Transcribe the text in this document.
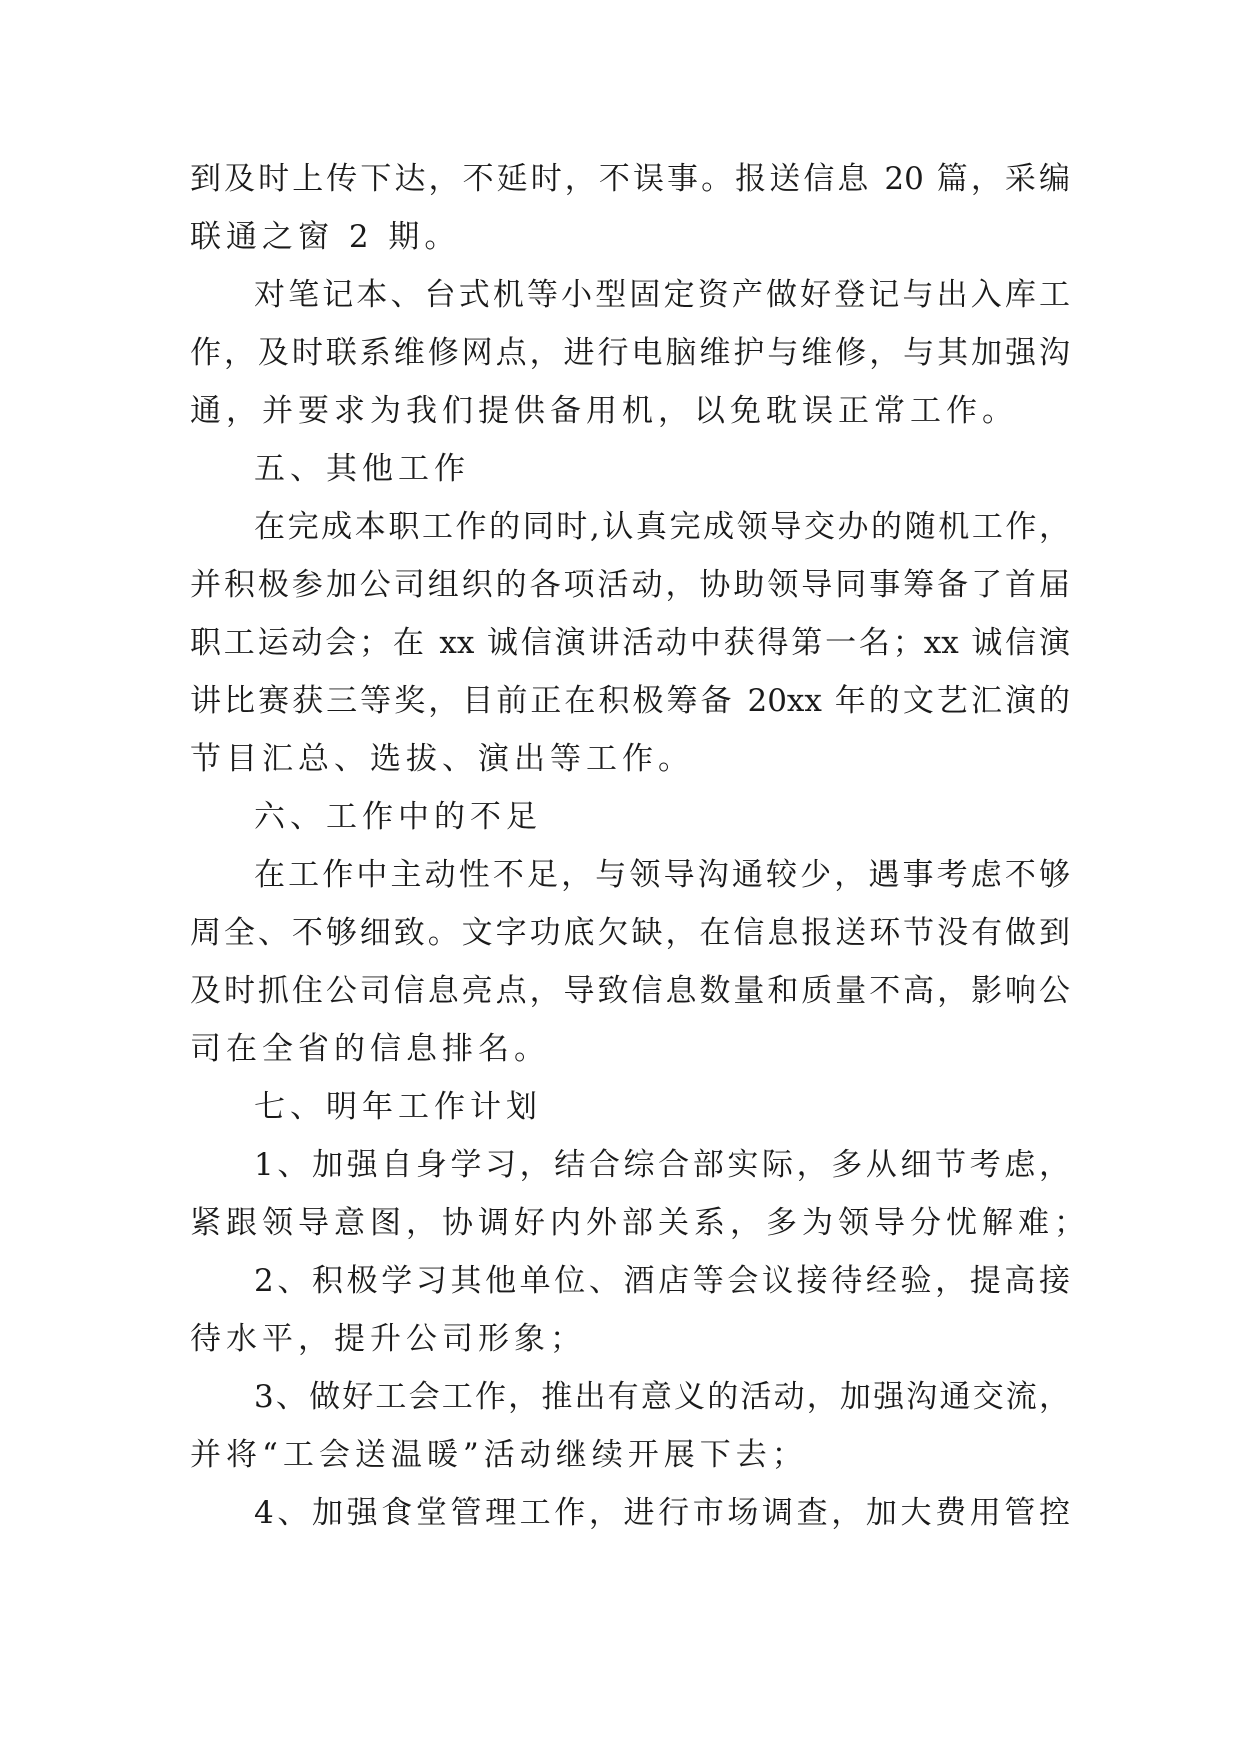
到及时上传下达，不延时，不误事。报送信息 20 篇，采编
联通之窗 2 期。
对笔记本、台式机等小型固定资产做好登记与出入库工
作，及时联系维修网点，进行电脑维护与维修，与其加强沟
通，并要求为我们提供备用机，以免耽误正常工作。
五、其他工作
在完成本职工作的同时,认真完成领导交办的随机工作，
并积极参加公司组织的各项活动，协助领导同事筹备了首届
职工运动会；在 xx 诚信演讲活动中获得第一名；xx 诚信演
讲比赛获三等奖，目前正在积极筹备 20xx 年的文艺汇演的
节目汇总、选拔、演出等工作。
六、工作中的不足
在工作中主动性不足，与领导沟通较少，遇事考虑不够
周全、不够细致。文字功底欠缺，在信息报送环节没有做到
及时抓住公司信息亮点，导致信息数量和质量不高，影响公
司在全省的信息排名。
七、明年工作计划
1、加强自身学习，结合综合部实际，多从细节考虑，
紧跟领导意图，协调好内外部关系，多为领导分忧解难；
2、积极学习其他单位、酒店等会议接待经验，提高接
待水平，提升公司形象；
3、做好工会工作，推出有意义的活动，加强沟通交流，
并将“工会送温暖”活动继续开展下去；
4、加强食堂管理工作，进行市场调查，加大费用管控
